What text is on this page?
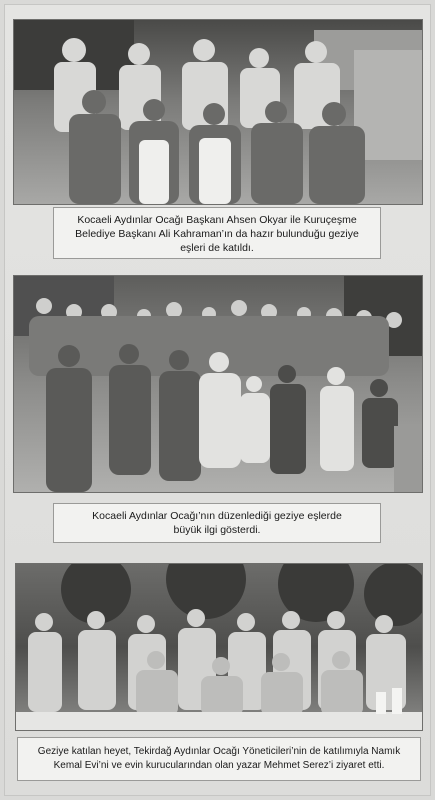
Kocaeli Aydınlar Ocağı Başkanı Ahsen Okyar ile Kuruçeşme
Belediye Başkanı Ali Kahraman’ın da hazır bulunduğu geziye
eşleri de katıldı.
Kocaeli Aydınlar Ocağı’nın düzenlediği geziye eşlerde
büyük ilgi gösterdi.
Geziye katılan heyet, Tekirdağ Aydınlar Ocağı Yöneticileri’nin de katılımıyla Namık
Kemal Evi’ni ve evin kurucularından olan yazar Mehmet Serez’i ziyaret etti.
